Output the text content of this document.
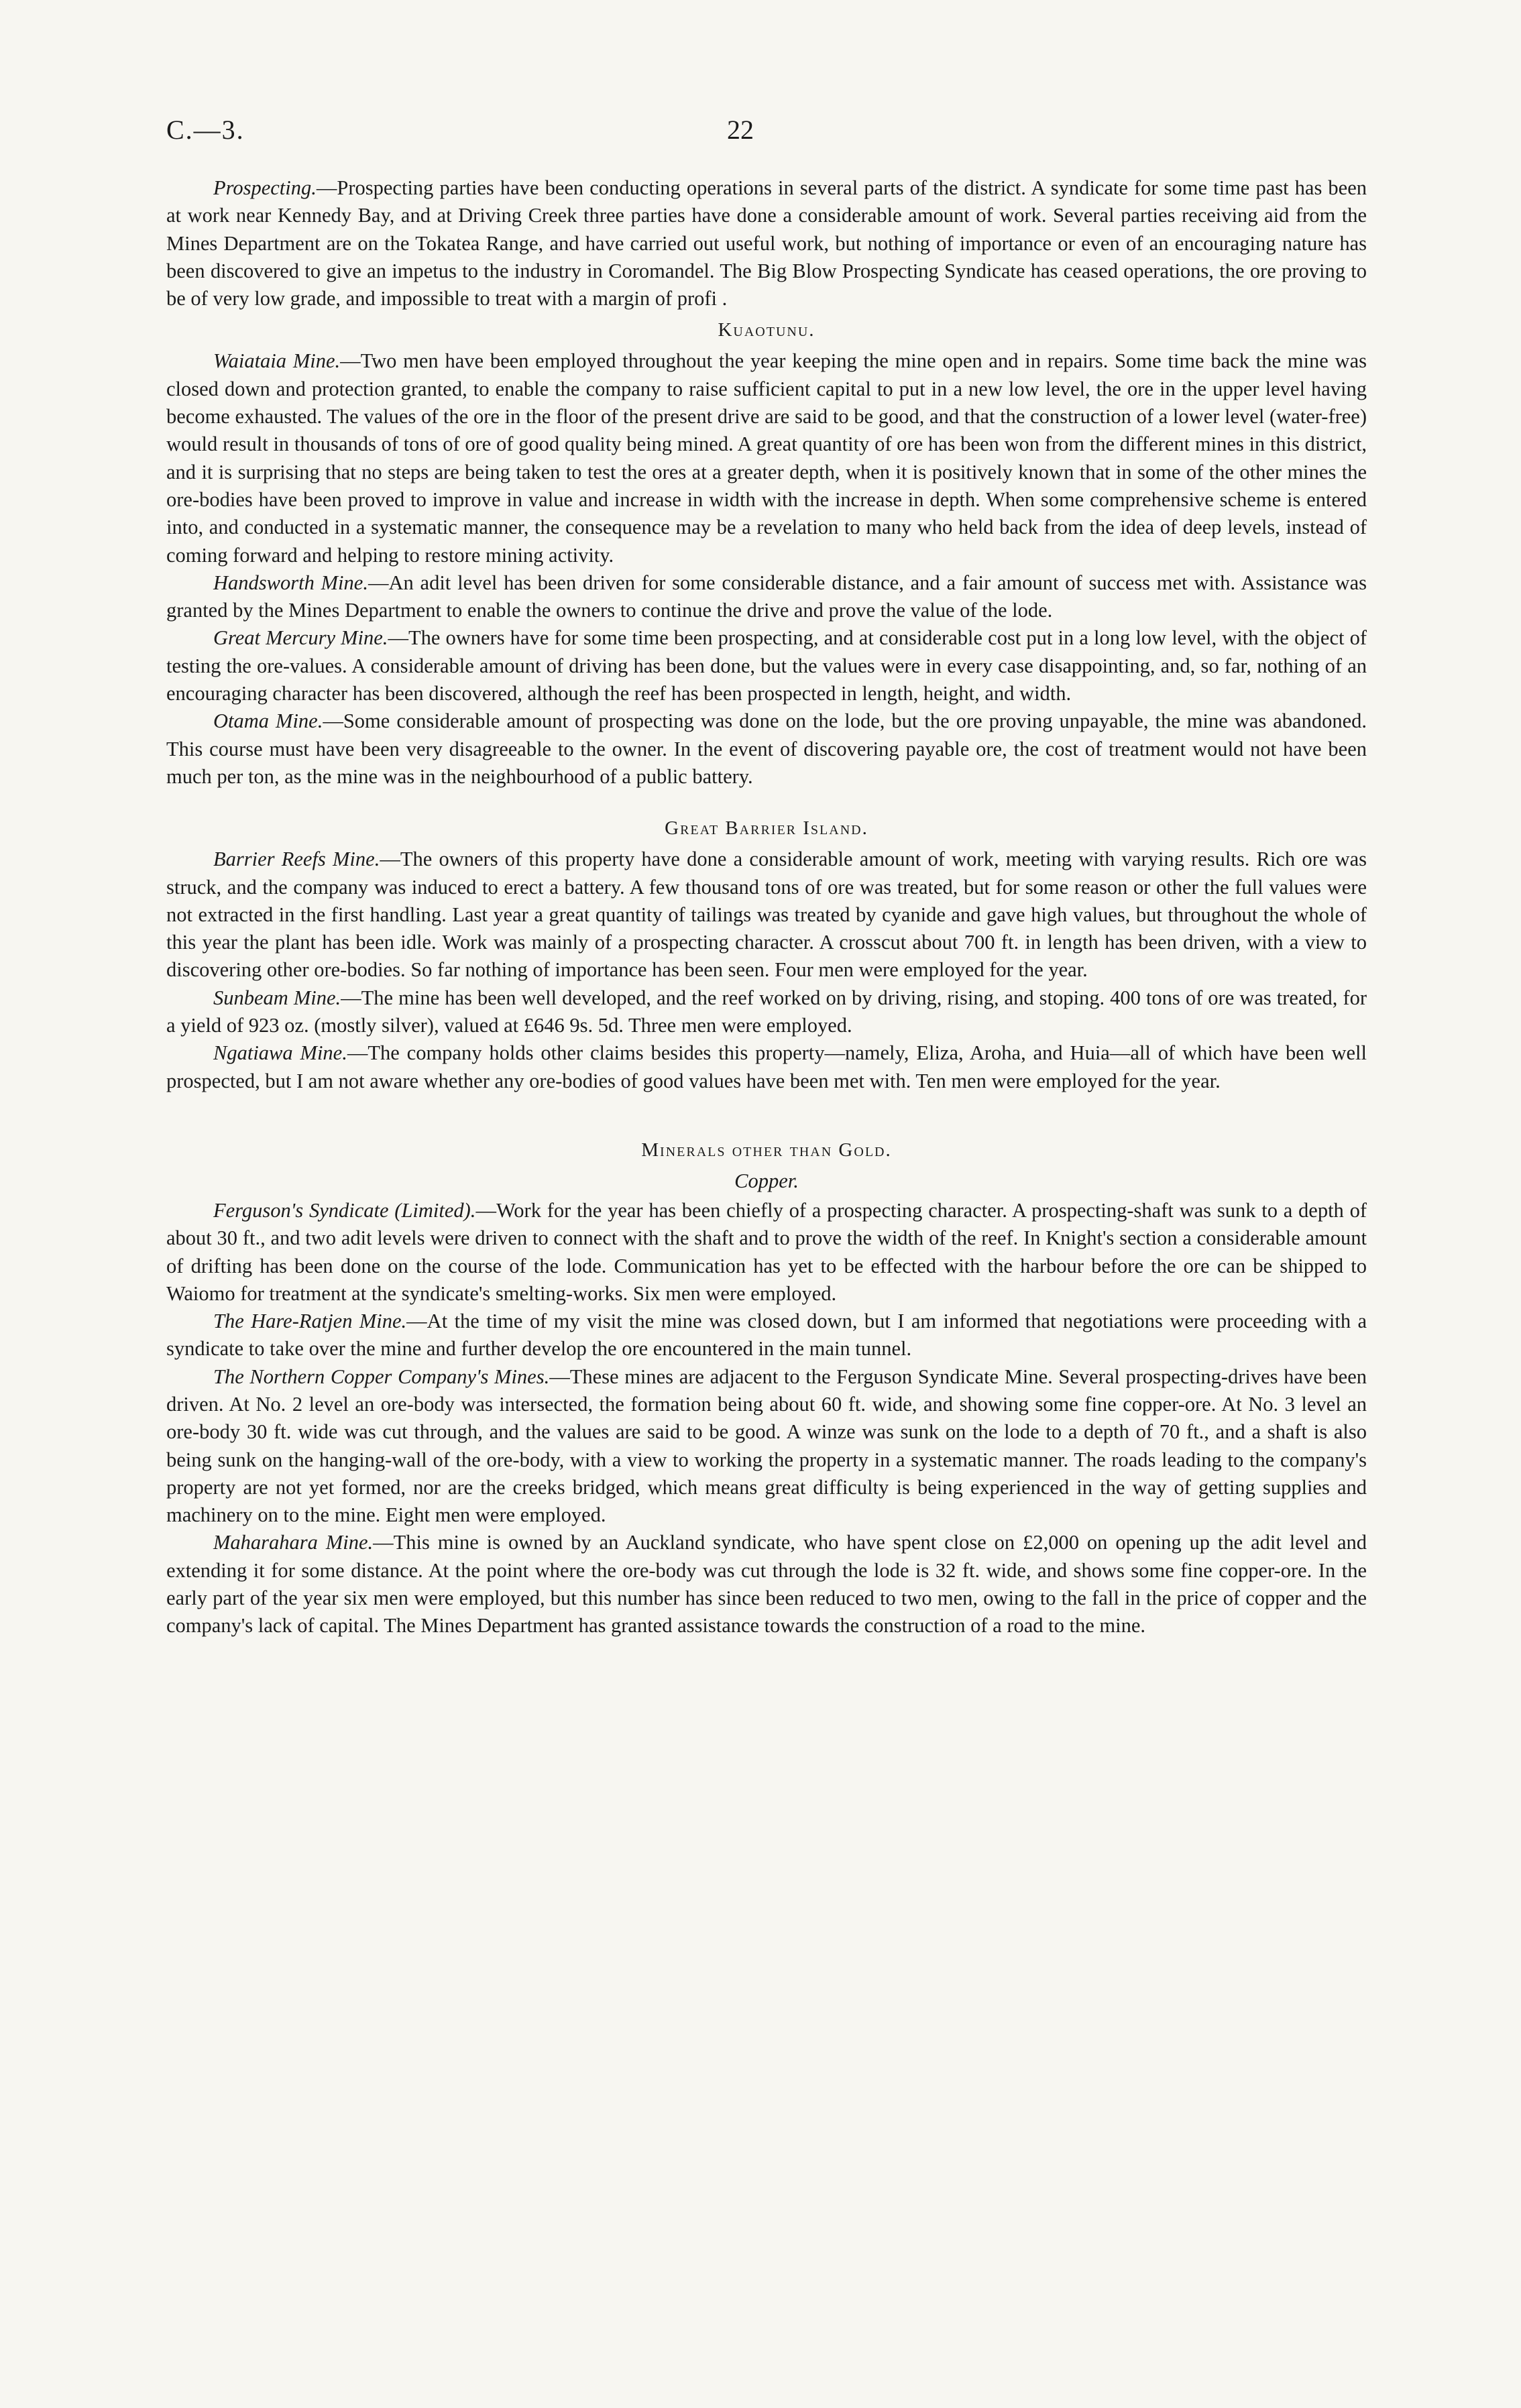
C.—3.	22

Prospecting.—Prospecting parties have been conducting operations in several parts of the district. A syndicate for some time past has been at work near Kennedy Bay, and at Driving Creek three parties have done a considerable amount of work. Several parties receiving aid from the Mines Department are on the Tokatea Range, and have carried out useful work, but nothing of importance or even of an encouraging nature has been discovered to give an impetus to the industry in Coromandel. The Big Blow Prospecting Syndicate has ceased operations, the ore proving to be of very low grade, and impossible to treat with a margin of profi .

Kuaotunu.

Waiataia Mine.—Two men have been employed throughout the year keeping the mine open and in repairs. Some time back the mine was closed down and protection granted, to enable the company to raise sufficient capital to put in a new low level, the ore in the upper level having become exhausted. The values of the ore in the floor of the present drive are said to be good, and that the construction of a lower level (water-free) would result in thousands of tons of ore of good quality being mined. A great quantity of ore has been won from the different mines in this district, and it is surprising that no steps are being taken to test the ores at a greater depth, when it is positively known that in some of the other mines the ore-bodies have been proved to improve in value and increase in width with the increase in depth. When some comprehensive scheme is entered into, and conducted in a systematic manner, the consequence may be a revelation to many who held back from the idea of deep levels, instead of coming forward and helping to restore mining activity.

Handsworth Mine.—An adit level has been driven for some considerable distance, and a fair amount of success met with. Assistance was granted by the Mines Department to enable the owners to continue the drive and prove the value of the lode.

Great Mercury Mine.—The owners have for some time been prospecting, and at considerable cost put in a long low level, with the object of testing the ore-values. A considerable amount of driving has been done, but the values were in every case disappointing, and, so far, nothing of an encouraging character has been discovered, although the reef has been prospected in length, height, and width.

Otama Mine.—Some considerable amount of prospecting was done on the lode, but the ore proving unpayable, the mine was abandoned. This course must have been very disagreeable to the owner. In the event of discovering payable ore, the cost of treatment would not have been much per ton, as the mine was in the neighbourhood of a public battery.

Great Barrier Island.

Barrier Reefs Mine.—The owners of this property have done a considerable amount of work, meeting with varying results. Rich ore was struck, and the company was induced to erect a battery. A few thousand tons of ore was treated, but for some reason or other the full values were not extracted in the first handling. Last year a great quantity of tailings was treated by cyanide and gave high values, but throughout the whole of this year the plant has been idle. Work was mainly of a prospecting character. A crosscut about 700 ft. in length has been driven, with a view to discovering other ore-bodies. So far nothing of importance has been seen. Four men were employed for the year.

Sunbeam Mine.—The mine has been well developed, and the reef worked on by driving, rising, and stoping. 400 tons of ore was treated, for a yield of 923 oz. (mostly silver), valued at £646 9s. 5d. Three men were employed.

Ngatiawa Mine.—The company holds other claims besides this property—namely, Eliza, Aroha, and Huia—all of which have been well prospected, but I am not aware whether any ore-bodies of good values have been met with. Ten men were employed for the year.

Minerals other than Gold.
Copper.

Ferguson's Syndicate (Limited).—Work for the year has been chiefly of a prospecting character. A prospecting-shaft was sunk to a depth of about 30 ft., and two adit levels were driven to connect with the shaft and to prove the width of the reef. In Knight's section a considerable amount of drifting has been done on the course of the lode. Communication has yet to be effected with the harbour before the ore can be shipped to Waiomo for treatment at the syndicate's smelting-works. Six men were employed.

The Hare-Ratjen Mine.—At the time of my visit the mine was closed down, but I am informed that negotiations were proceeding with a syndicate to take over the mine and further develop the ore encountered in the main tunnel.

The Northern Copper Company's Mines.—These mines are adjacent to the Ferguson Syndicate Mine. Several prospecting-drives have been driven. At No. 2 level an ore-body was intersected, the formation being about 60 ft. wide, and showing some fine copper-ore. At No. 3 level an ore-body 30 ft. wide was cut through, and the values are said to be good. A winze was sunk on the lode to a depth of 70 ft., and a shaft is also being sunk on the hanging-wall of the ore-body, with a view to working the property in a systematic manner. The roads leading to the company's property are not yet formed, nor are the creeks bridged, which means great difficulty is being experienced in the way of getting supplies and machinery on to the mine. Eight men were employed.

Maharahara Mine.—This mine is owned by an Auckland syndicate, who have spent close on £2,000 on opening up the adit level and extending it for some distance. At the point where the ore-body was cut through the lode is 32 ft. wide, and shows some fine copper-ore. In the early part of the year six men were employed, but this number has since been reduced to two men, owing to the fall in the price of copper and the company's lack of capital. The Mines Department has granted assistance towards the construction of a road to the mine.
